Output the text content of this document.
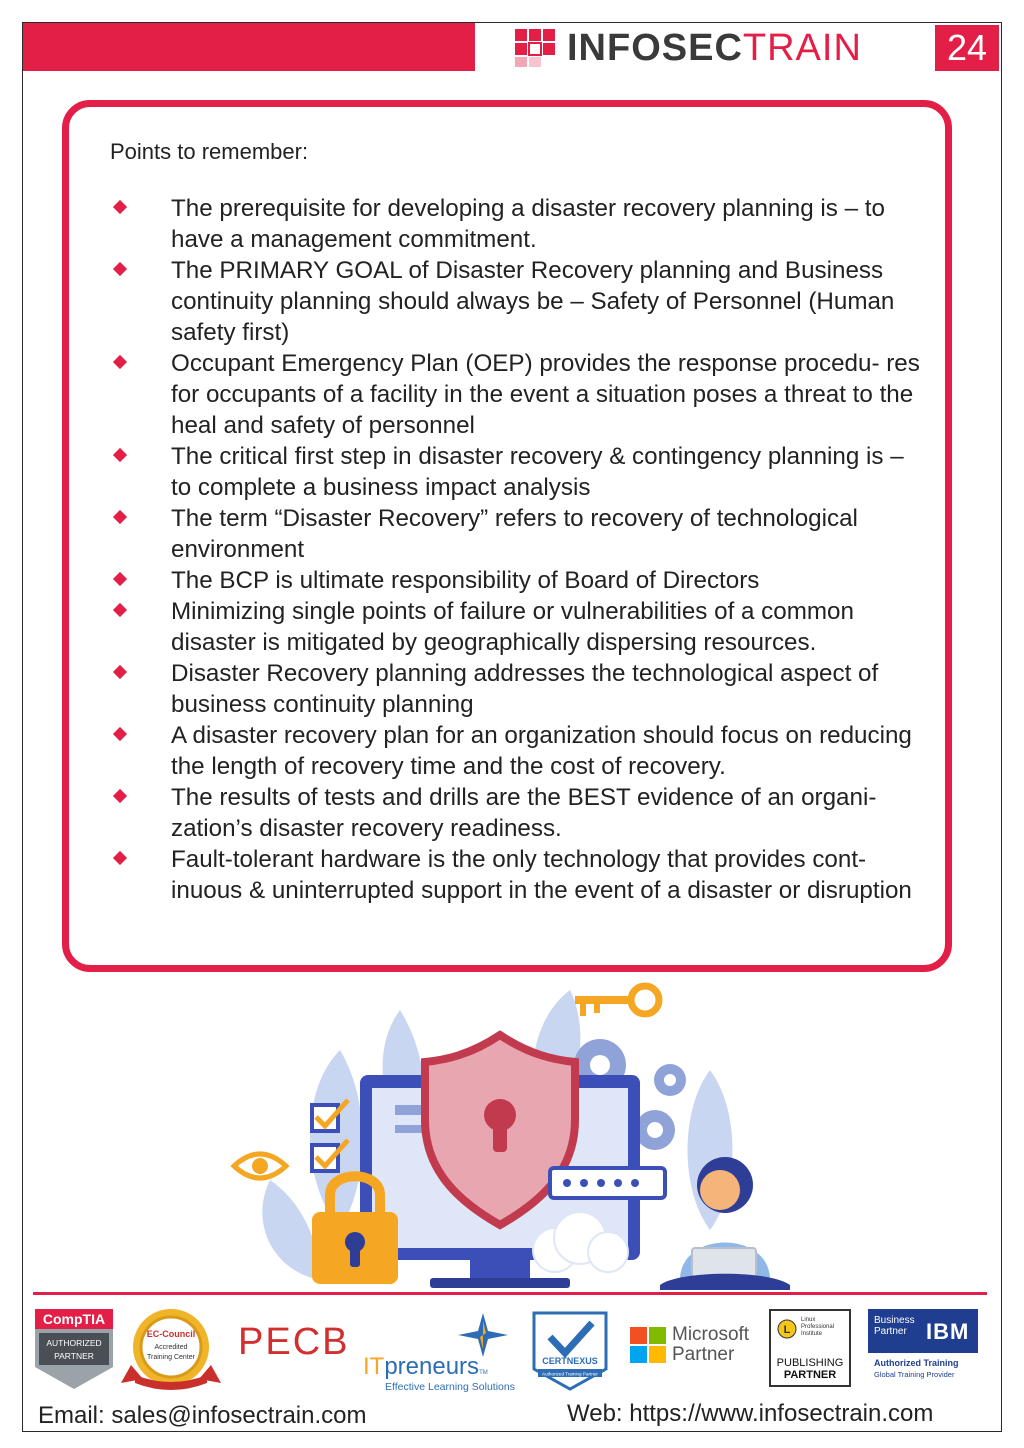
INFOSECTRAIN	24
Points to remember:
The prerequisite for developing a disaster recovery planning is – to have a management commitment.
The PRIMARY GOAL of Disaster Recovery planning and Business continuity planning should always be – Safety of Personnel (Human safety first)
Occupant Emergency Plan (OEP) provides the response procedu- res for occupants of a facility in the event a situation poses a threat to the heal and safety of personnel
The critical first step in disaster recovery & contingency planning is – to complete a business impact analysis
The term “Disaster Recovery” refers to recovery of technological environment
The BCP is ultimate responsibility of Board of Directors
Minimizing single points of failure or vulnerabilities of a common disaster is mitigated by geographically dispersing resources.
Disaster Recovery planning addresses the technological aspect of business continuity planning
A disaster recovery plan for an organization should focus on reducing the length of recovery time and the cost of recovery.
The results of tests and drills are the BEST evidence of an organi- zation’s disaster recovery readiness.
Fault-tolerant hardware is the only technology that provides cont- inuous & uninterrupted support in the event of a disaster or disruption
CompTIA
AUTHORIZED
PARTNER
EC-Council
Accredited
Training Center PECB
ITpreneursTM
Effective Learning Solutions
CERTNEXUS
Authorized Training Partner
Microsoft
Partner
L
Linux
Professional
Institute
PUBLISHING
PARTNER
Business
Partner IBM
Authorized Training
Global Training Provider
Email: sales@infosectrain.com	Web: https://www.infosectrain.com
